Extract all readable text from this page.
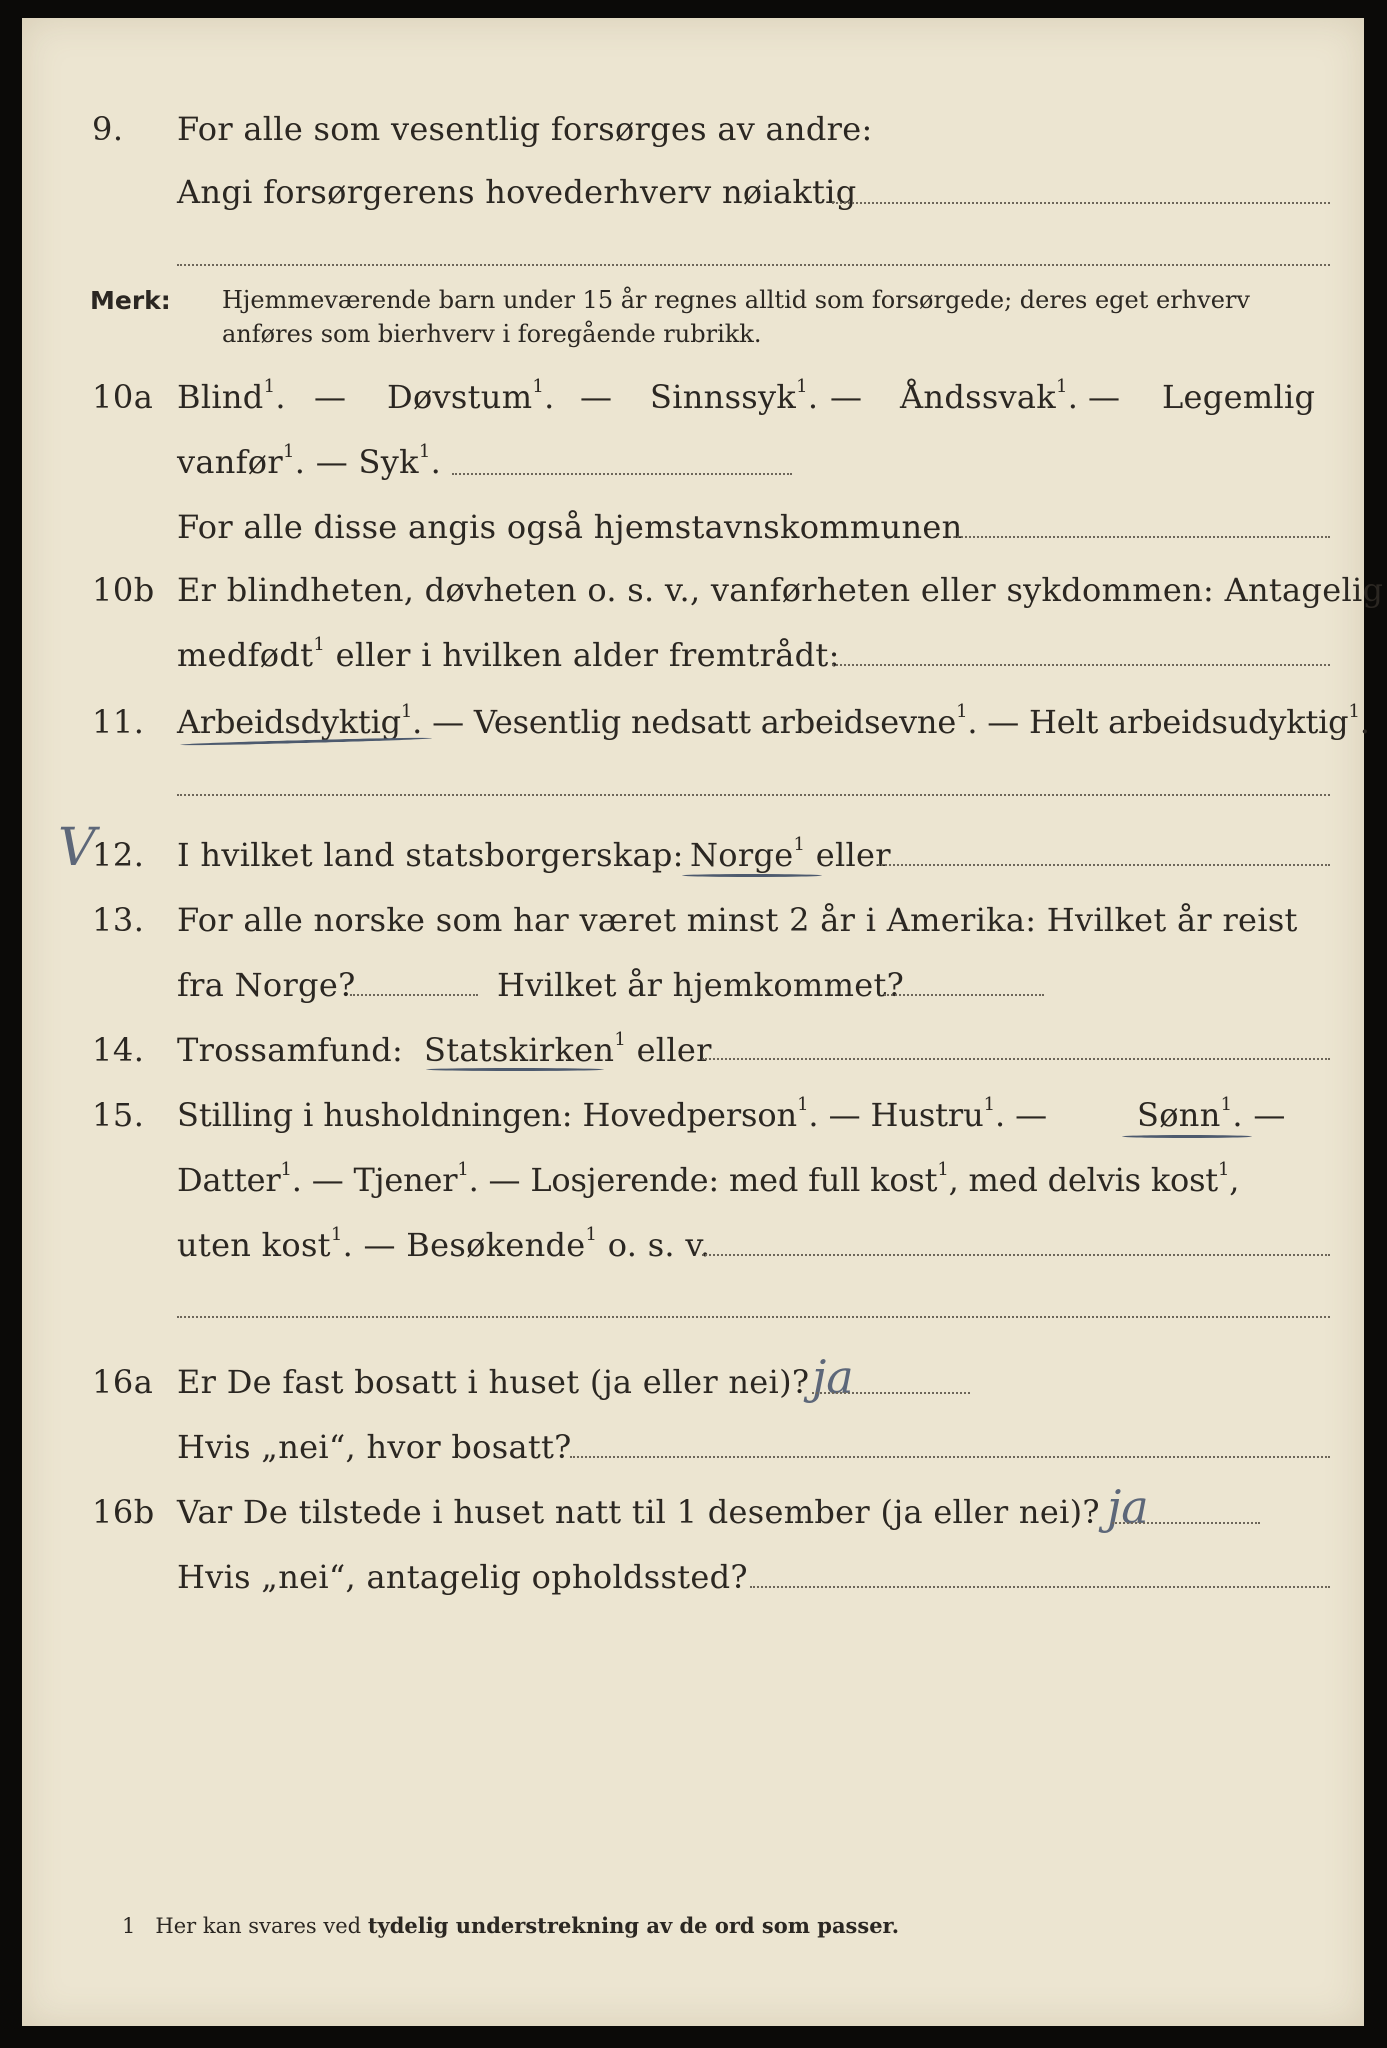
9. For alle som vesentlig forsørges av andre:
Angi forsørgerens hovederhverv nøiaktig
Merk: Hjemmeværende barn under 15 år regnes alltid som forsørgede; deres eget erhverv
anføres som bierhverv i foregående rubrikk.
10a Blind$^1$. — Døvstum$^1$. — Sinnssyk$^1$. — Åndssvak$^1$. — Legemlig
vanfør$^1$. — Syk$^1$.
For alle disse angis også hjemstavnskommunen
10b Er blindheten, døvheten o. s. v., vanførheten eller sykdommen: Antagelig
medfødt$^1$ eller i hvilken alder fremtrådt:
11. Arbeidsdyktig$^1$. — Vesentlig nedsatt arbeidsevne$^1$. — Helt arbeidsudyktig$^1$.
V
12. I hvilket land statsborgerskap: Norge$^1$ eller
13. For alle norske som har været minst 2 år i Amerika: Hvilket år reist
fra Norge?	Hvilket år hjemkommet?
14. Trossamfund: Statskirken$^1$ eller
15. Stilling i husholdningen: Hovedperson$^1$. — Hustru$^1$. —	Sønn$^1$. —
Datter$^1$. — Tjener$^1$. — Losjerende: med full kost$^1$, med delvis kost$^1$,
uten kost$^1$. — Besøkende$^1$ o. s. v.
16a Er De fast bosatt i huset (ja eller nei)? ja
Hvis „nei“, hvor bosatt?
16b Var De tilstede i huset natt til 1 desember (ja eller nei)? ja
Hvis „nei“, antagelig opholdssted?
1 Her kan svares ved tydelig understrekning av de ord som passer.
